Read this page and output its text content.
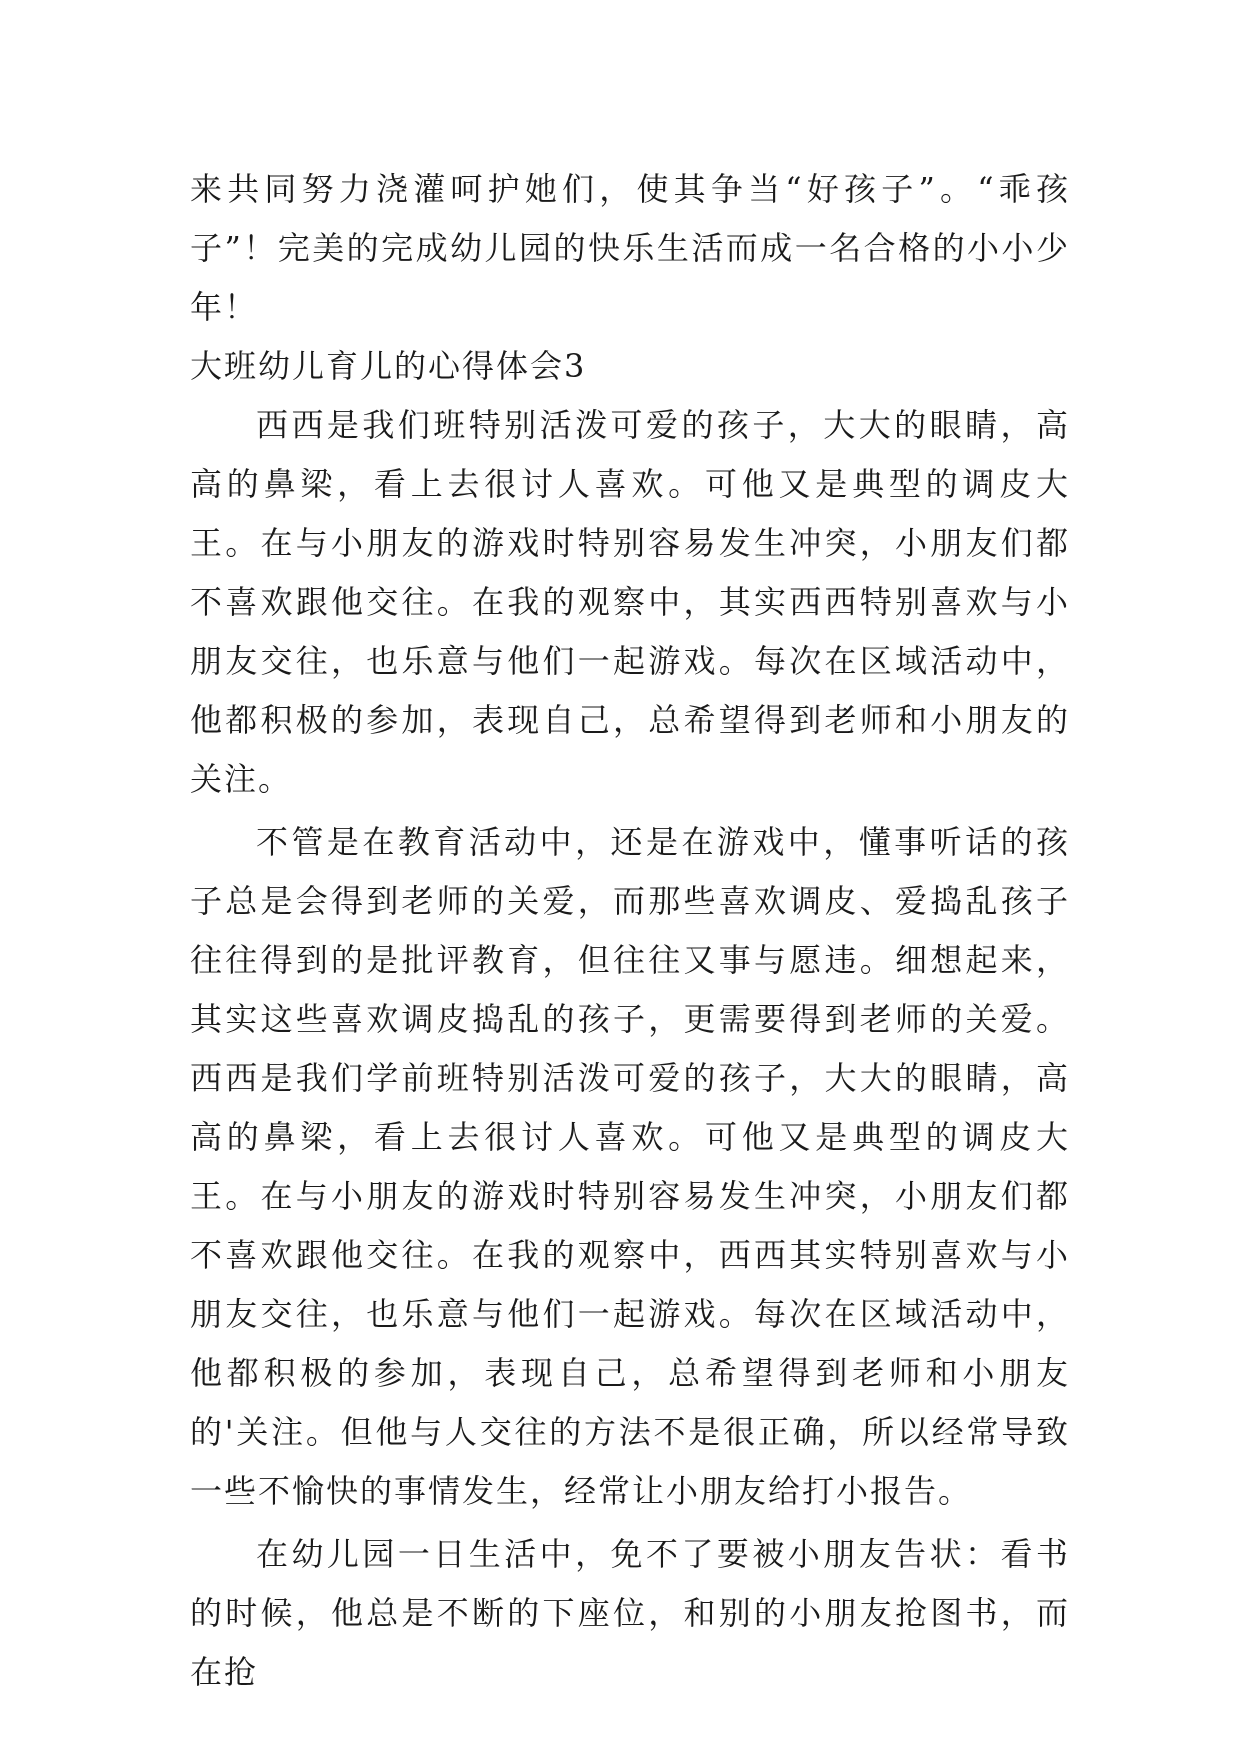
来共同努力浇灌呵护她们，使其争当“好孩子”。“乖孩子”！完美的完成幼儿园的快乐生活而成一名合格的小小少年！

大班幼儿育儿的心得体会3

西西是我们班特别活泼可爱的孩子，大大的眼睛，高高的鼻梁，看上去很讨人喜欢。可他又是典型的调皮大王。在与小朋友的游戏时特别容易发生冲突，小朋友们都不喜欢跟他交往。在我的观察中，其实西西特别喜欢与小朋友交往，也乐意与他们一起游戏。每次在区域活动中，他都积极的参加，表现自己，总希望得到老师和小朋友的关注。

不管是在教育活动中，还是在游戏中，懂事听话的孩子总是会得到老师的关爱，而那些喜欢调皮、爱捣乱孩子往往得到的是批评教育，但往往又事与愿违。细想起来，其实这些喜欢调皮捣乱的孩子，更需要得到老师的关爱。西西是我们学前班特别活泼可爱的孩子，大大的眼睛，高高的鼻梁，看上去很讨人喜欢。可他又是典型的调皮大王。在与小朋友的游戏时特别容易发生冲突，小朋友们都不喜欢跟他交往。在我的观察中，西西其实特别喜欢与小朋友交往，也乐意与他们一起游戏。每次在区域活动中，他都积极的参加，表现自己，总希望得到老师和小朋友的'关注。但他与人交往的方法不是很正确，所以经常导致一些不愉快的事情发生，经常让小朋友给打小报告。

在幼儿园一日生活中，免不了要被小朋友告状：看书的时候，他总是不断的下座位，和别的小朋友抢图书，而在抢
